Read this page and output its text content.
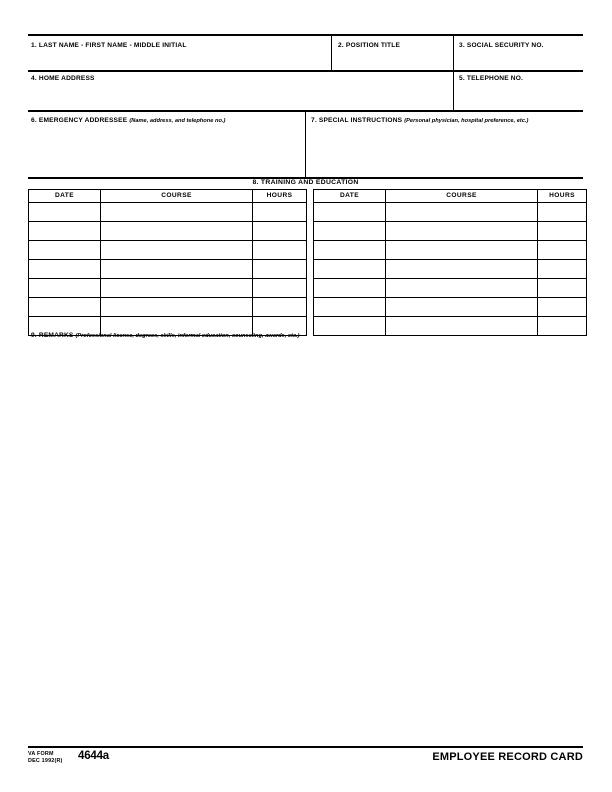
1. LAST NAME - FIRST NAME - MIDDLE INITIAL	2. POSITION TITLE	3. SOCIAL SECURITY NO.
4. HOME ADDRESS	5. TELEPHONE NO.
6. EMERGENCY ADDRESSEE (Name, address, and telephone no.)	7. SPECIAL INSTRUCTIONS (Personal physician, hospital preference, etc.)
8. TRAINING AND EDUCATION
DATE	COURSE	HOURS		DATE	COURSE	HOURS

9. REMARKS (Professional license, degrees, skills, informal education, counseling, awards, etc.)
VA FORM
DEC 1992(R) 4644a	EMPLOYEE RECORD CARD
